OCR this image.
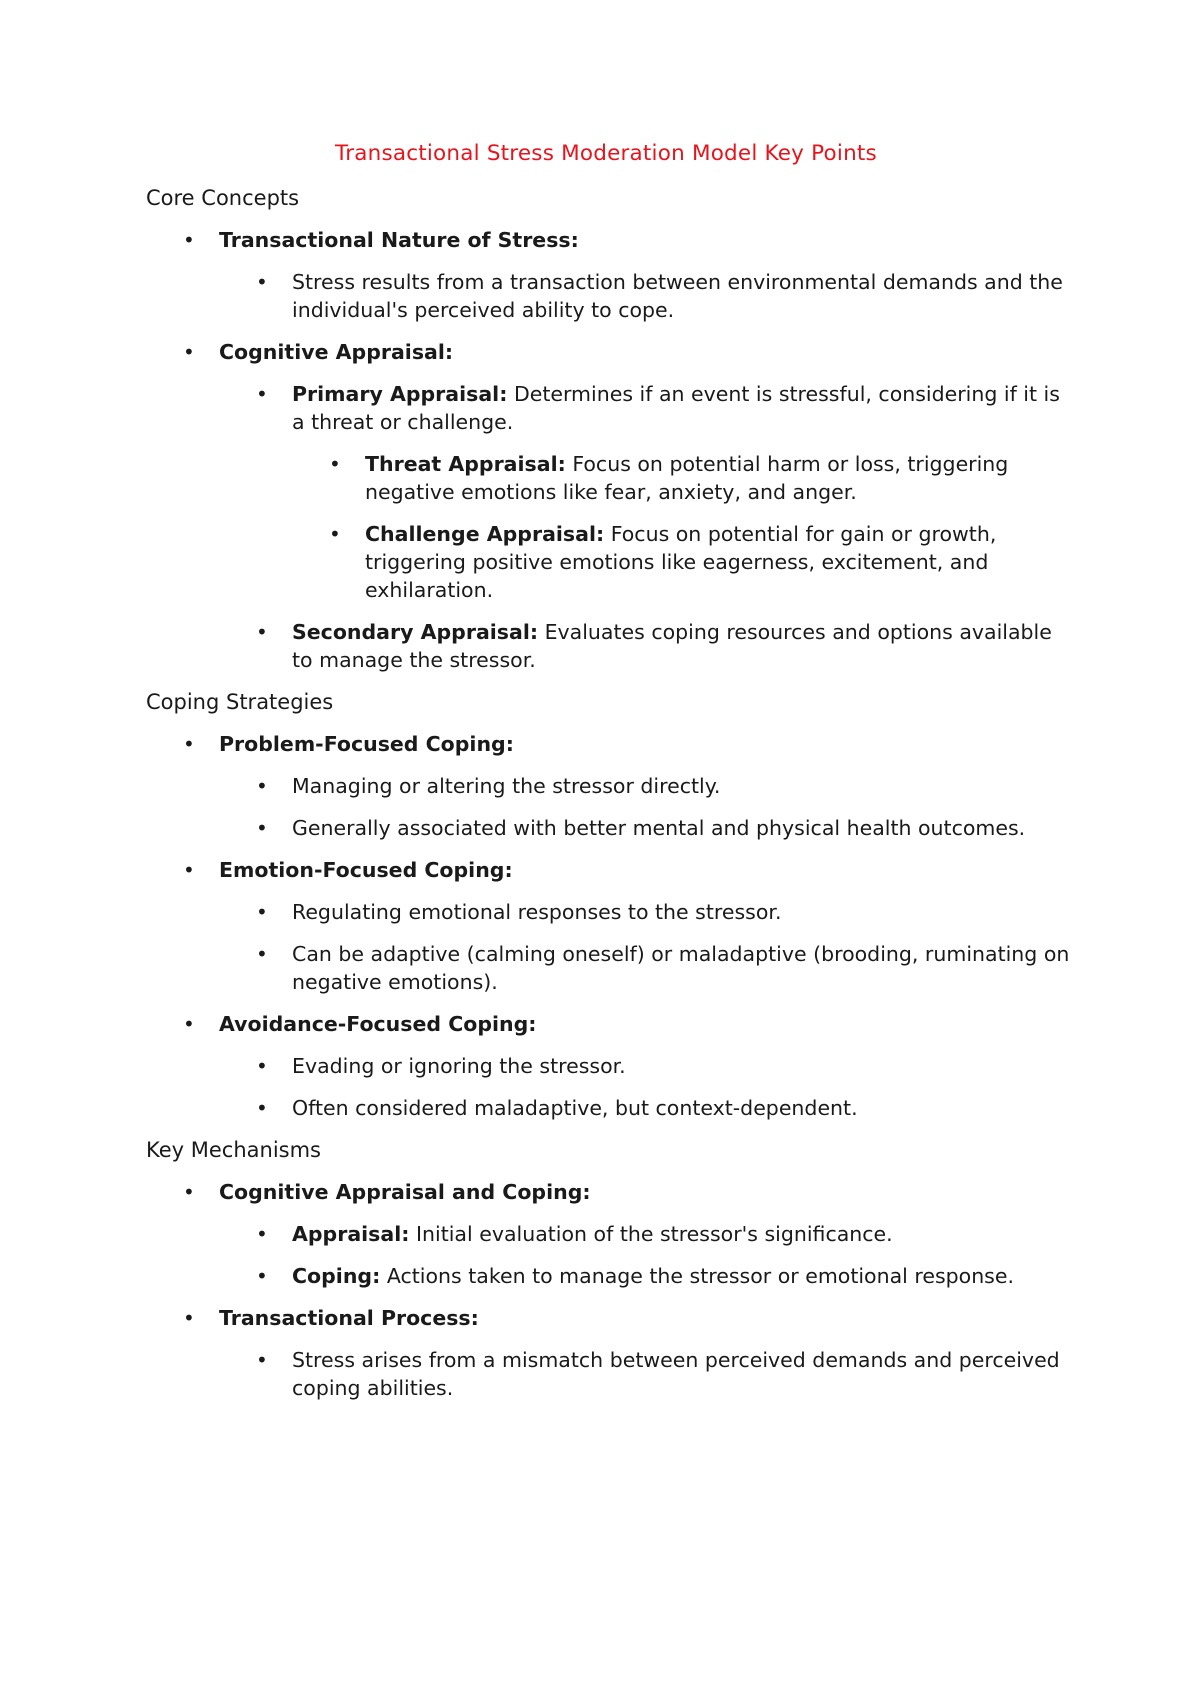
Transactional Stress Moderation Model Key Points
Core Concepts
• Transactional Nature of Stress:
• Stress results from a transaction between environmental demands and the individual's perceived ability to cope.
• Cognitive Appraisal:
• Primary Appraisal: Determines if an event is stressful, considering if it is a threat or challenge.
• Threat Appraisal: Focus on potential harm or loss, triggering negative emotions like fear, anxiety, and anger.
• Challenge Appraisal: Focus on potential for gain or growth, triggering positive emotions like eagerness, excitement, and exhilaration.
• Secondary Appraisal: Evaluates coping resources and options available to manage the stressor.
Coping Strategies
• Problem-Focused Coping:
• Managing or altering the stressor directly.
• Generally associated with better mental and physical health outcomes.
• Emotion-Focused Coping:
• Regulating emotional responses to the stressor.
• Can be adaptive (calming oneself) or maladaptive (brooding, ruminating on negative emotions).
• Avoidance-Focused Coping:
• Evading or ignoring the stressor.
• Often considered maladaptive, but context-dependent.
Key Mechanisms
• Cognitive Appraisal and Coping:
• Appraisal: Initial evaluation of the stressor's significance.
• Coping: Actions taken to manage the stressor or emotional response.
• Transactional Process:
• Stress arises from a mismatch between perceived demands and perceived coping abilities.
